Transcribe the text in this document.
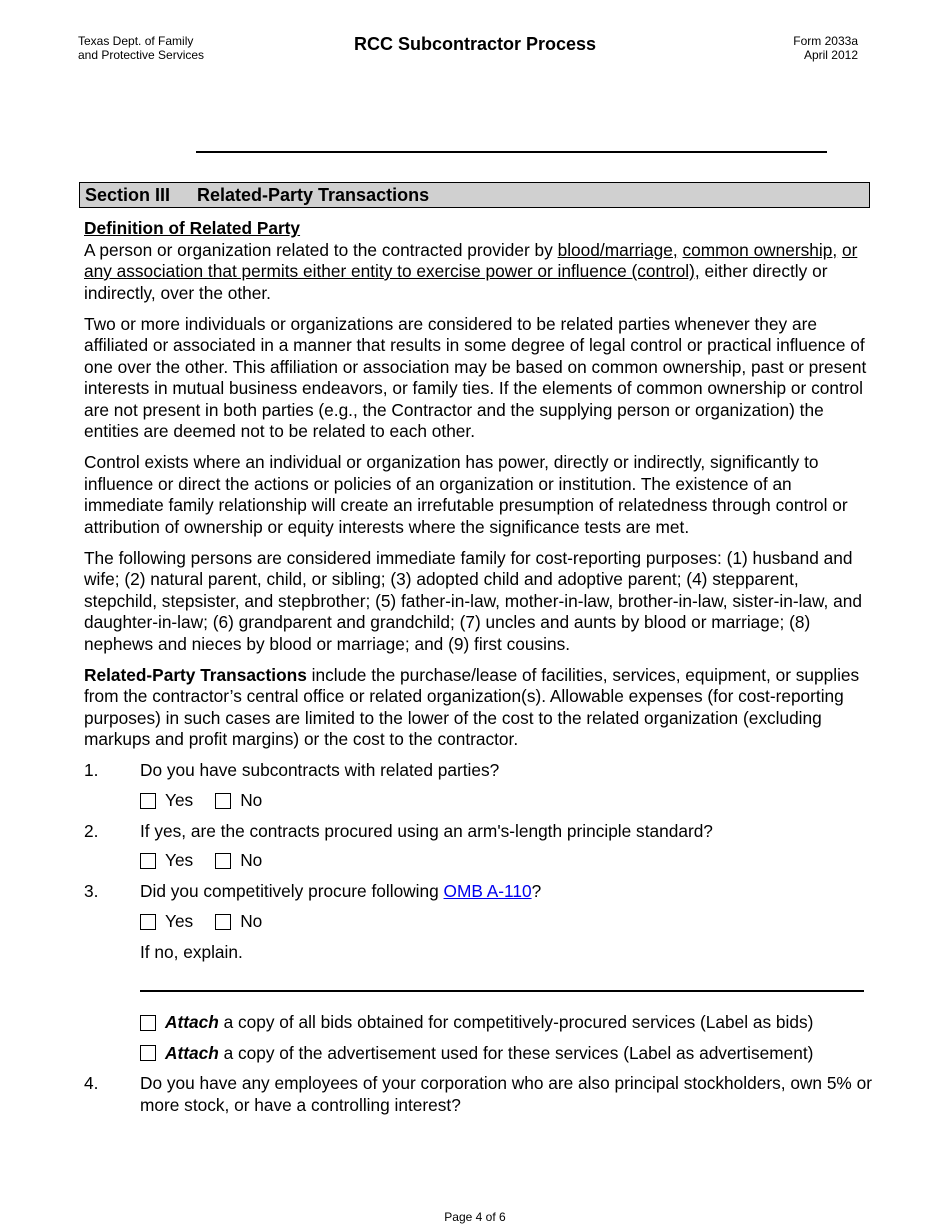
Texas Dept. of Family
and Protective Services
RCC Subcontractor Process	Form 2033a
April 2012
Section III Related-Party Transactions
Definition of Related Party

A person or organization related to the contracted provider by blood/marriage, common ownership, or any association that permits either entity to exercise power or influence (control), either directly or indirectly, over the other.

Two or more individuals or organizations are considered to be related parties whenever they are affiliated or associated in a manner that results in some degree of legal control or practical influence of one over the other. This affiliation or association may be based on common ownership, past or present interests in mutual business endeavors, or family ties. If the elements of common ownership or control are not present in both parties (e.g., the Contractor and the supplying person or organization) the entities are deemed not to be related to each other.

Control exists where an individual or organization has power, directly or indirectly, significantly to influence or direct the actions or policies of an organization or institution. The existence of an immediate family relationship will create an irrefutable presumption of relatedness through control or attribution of ownership or equity interests where the significance tests are met.

The following persons are considered immediate family for cost-reporting purposes: (1) husband and wife; (2) natural parent, child, or sibling; (3) adopted child and adoptive parent; (4) stepparent, stepchild, stepsister, and stepbrother; (5) father-in-law, mother-in-law, brother-in-law, sister-in-law, and daughter-in-law; (6) grandparent and grandchild; (7) uncles and aunts by blood or marriage; (8) nephews and nieces by blood or marriage; and (9) first cousins.

Related-Party Transactions include the purchase/lease of facilities, services, equipment, or supplies from the contractor’s central office or related organization(s). Allowable expenses (for cost-reporting purposes) in such cases are limited to the lower of the cost to the related organization (excluding markups and profit margins) or the cost to the contractor.

1. Do you have subcontracts with related parties?
Yes	No
2. If yes, are the contracts procured using an arm's-length principle standard?
Yes	No
3. Did you competitively procure following OMB A-110?
Yes	No
If no, explain.
Attach a copy of all bids obtained for competitively-procured services (Label as bids)
Attach a copy of the advertisement used for these services (Label as advertisement)
4. Do you have any employees of your corporation who are also principal stockholders, own 5% or more stock, or have a controlling interest?
Page 4 of 6
